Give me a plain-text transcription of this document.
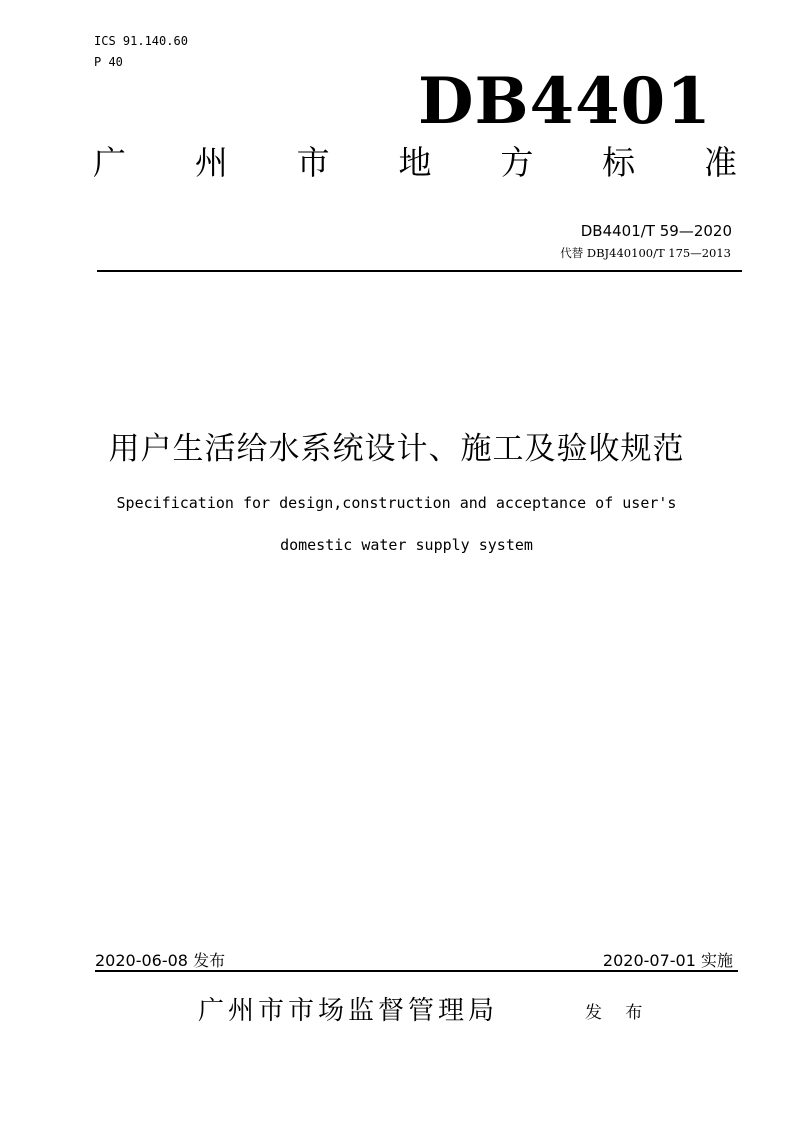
ICS 91.140.60
P 40
DB4401
广 州 市 地 方 标 准
DB4401/T 59—2020
代替 DBJ440100/T 175—2013
用户生活给水系统设计、施工及验收规范
Specification for design,construction and acceptance of user's
domestic water supply system
2020-06-08 发布	2020-07-01 实施
广州市市场监督管理局	发 布
